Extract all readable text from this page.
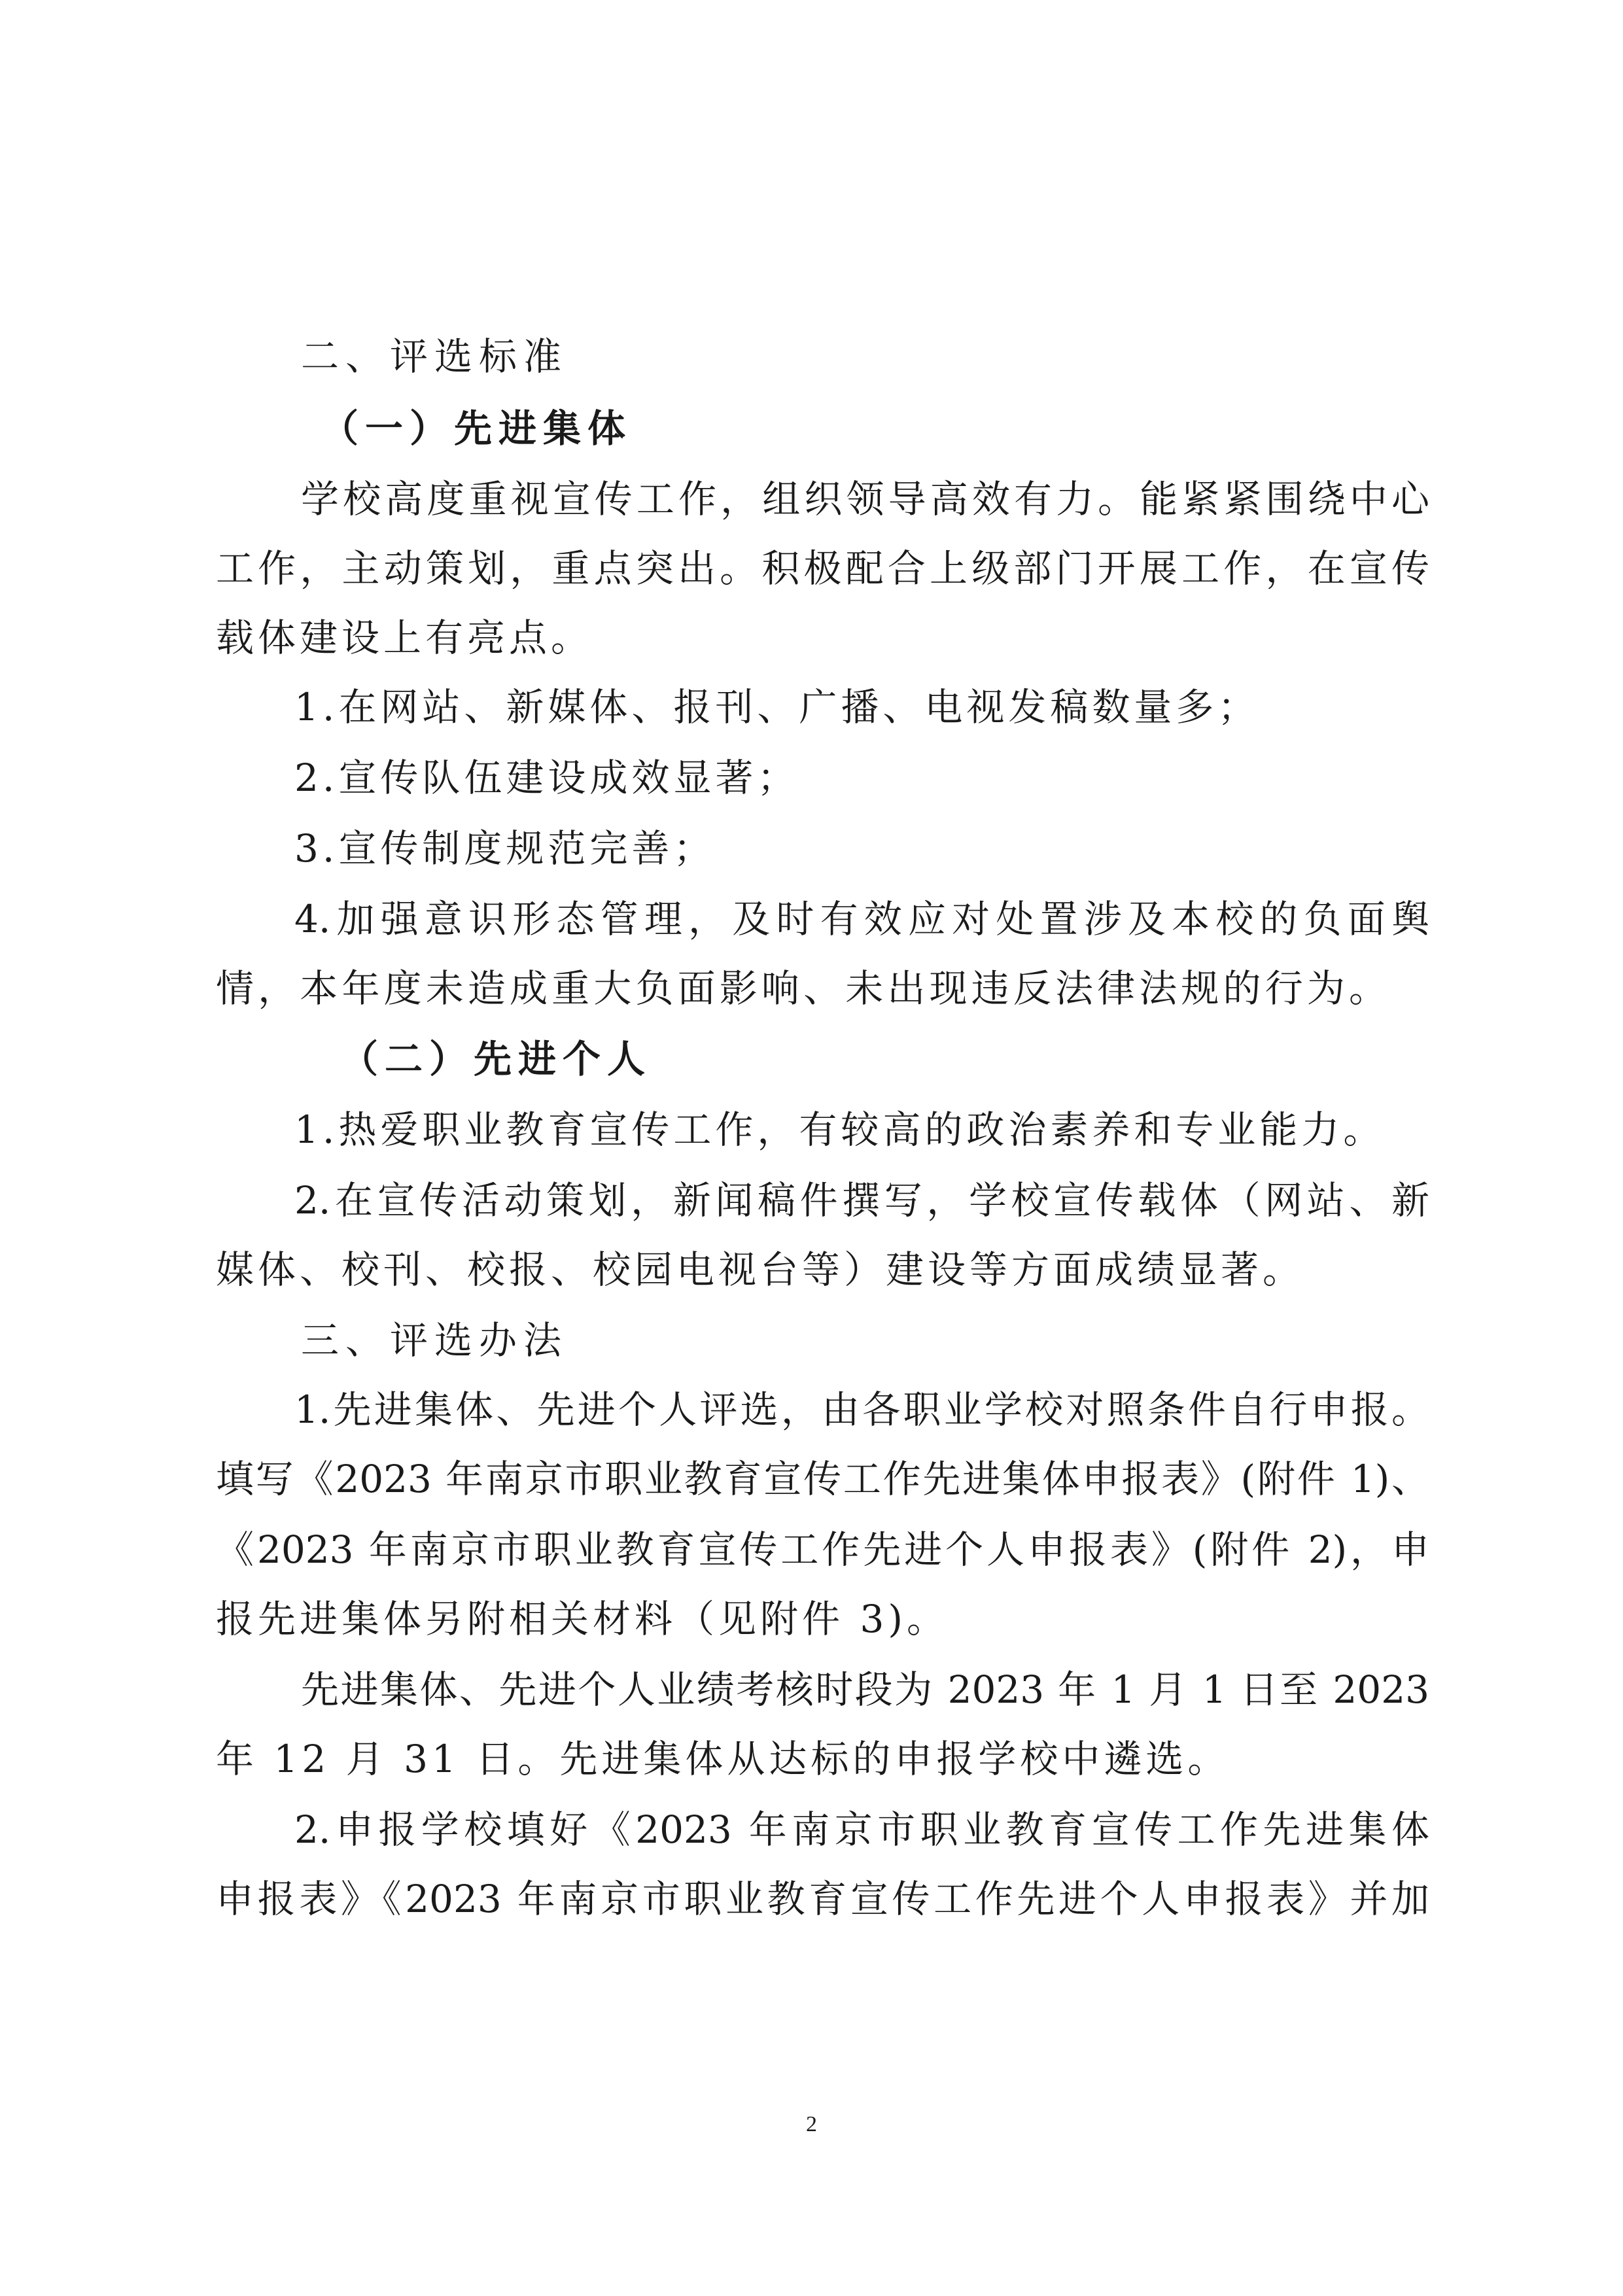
二、评选标准
（一）先进集体
学校高度重视宣传工作，组织领导高效有力。能紧紧围绕中心
工作，主动策划，重点突出。积极配合上级部门开展工作，在宣传
载体建设上有亮点。
1.在网站、新媒体、报刊、广播、电视发稿数量多；
2.宣传队伍建设成效显著；
3.宣传制度规范完善；
4.加强意识形态管理，及时有效应对处置涉及本校的负面舆
情，本年度未造成重大负面影响、未出现违反法律法规的行为。
（二）先进个人
1.热爱职业教育宣传工作，有较高的政治素养和专业能力。
2.在宣传活动策划，新闻稿件撰写，学校宣传载体（网站、新
媒体、校刊、校报、校园电视台等）建设等方面成绩显著。
三、评选办法
1.先进集体、先进个人评选，由各职业学校对照条件自行申报。
填写《2023 年南京市职业教育宣传工作先进集体申报表》(附件 1)、
《2023 年南京市职业教育宣传工作先进个人申报表》(附件 2)，申
报先进集体另附相关材料（见附件 3)。
先进集体、先进个人业绩考核时段为 2023 年 1 月 1 日至 2023
年 12 月 31 日。先进集体从达标的申报学校中遴选。
2.申报学校填好《2023 年南京市职业教育宣传工作先进集体
申报表》《2023 年南京市职业教育宣传工作先进个人申报表》并加
2
